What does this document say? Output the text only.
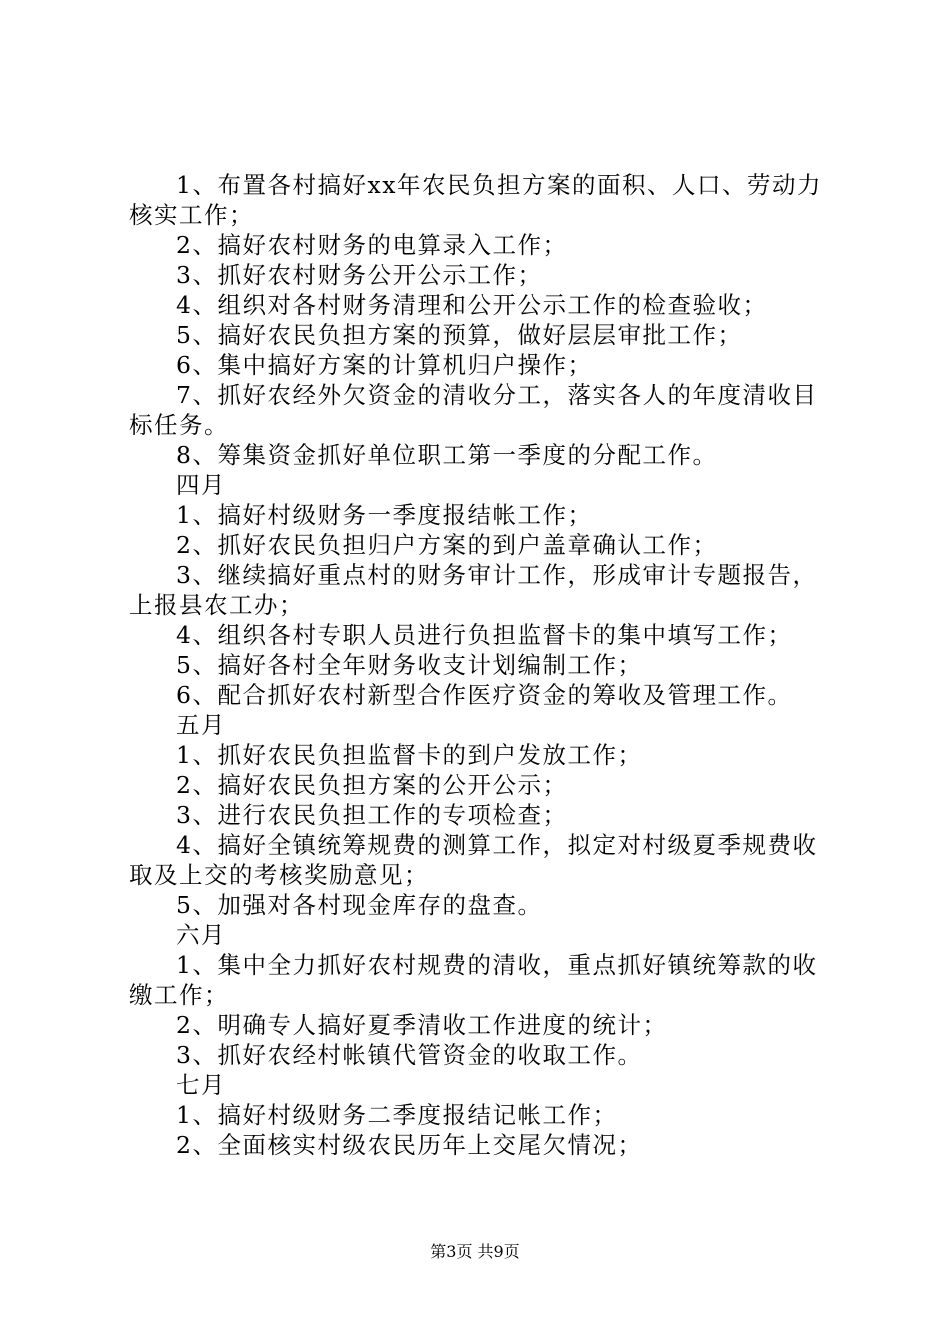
1、布置各村搞好xx年农民负担方案的面积、人口、劳动力核实工作；

2、搞好农村财务的电算录入工作；

3、抓好农村财务公开公示工作；

4、组织对各村财务清理和公开公示工作的检查验收；

5、搞好农民负担方案的预算，做好层层审批工作；

6、集中搞好方案的计算机归户操作；

7、抓好农经外欠资金的清收分工，落实各人的年度清收目标任务。

8、筹集资金抓好单位职工第一季度的分配工作。

四月

1、搞好村级财务一季度报结帐工作；

2、抓好农民负担归户方案的到户盖章确认工作；

3、继续搞好重点村的财务审计工作，形成审计专题报告，上报县农工办；

4、组织各村专职人员进行负担监督卡的集中填写工作；

5、搞好各村全年财务收支计划编制工作；

6、配合抓好农村新型合作医疗资金的筹收及管理工作。

五月

1、抓好农民负担监督卡的到户发放工作；

2、搞好农民负担方案的公开公示；

3、进行农民负担工作的专项检查；

4、搞好全镇统筹规费的测算工作，拟定对村级夏季规费收取及上交的考核奖励意见；

5、加强对各村现金库存的盘查。

六月

1、集中全力抓好农村规费的清收，重点抓好镇统筹款的收缴工作；

2、明确专人搞好夏季清收工作进度的统计；

3、抓好农经村帐镇代管资金的收取工作。

七月

1、搞好村级财务二季度报结记帐工作；

2、全面核实村级农民历年上交尾欠情况；

第3页 共9页
